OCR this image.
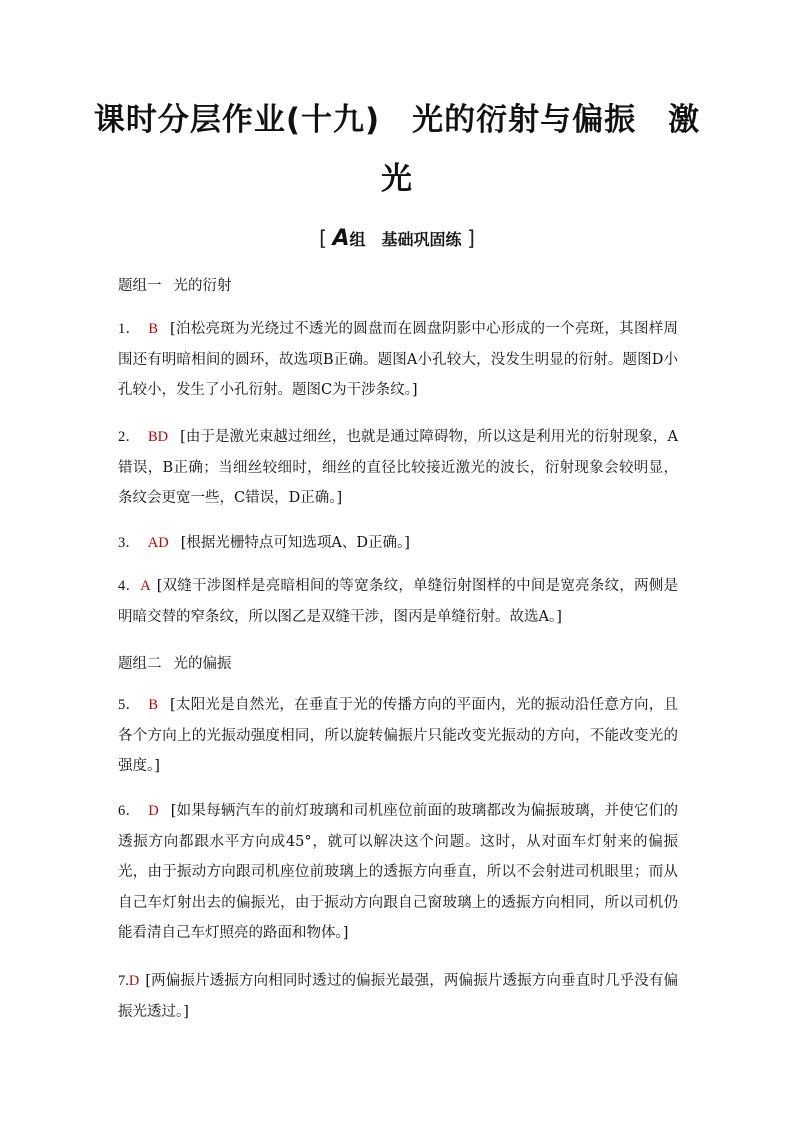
课时分层作业(十九)　光的衍射与偏振　激
光
[ A组　基础巩固练 ]
题组一 光的衍射
1． B [泊松亮斑为光绕过不透光的圆盘而在圆盘阴影中心形成的一个亮斑，其图样周围还有明暗相间的圆环，故选项B正确。题图A小孔较大，没发生明显的衍射。题图D小孔较小，发生了小孔衍射。题图C为干涉条纹。]
2． BD [由于是激光束越过细丝，也就是通过障碍物，所以这是利用光的衍射现象，A错误，B正确；当细丝较细时，细丝的直径比较接近激光的波长，衍射现象会较明显，条纹会更宽一些，C错误，D正确。]
3． AD [根据光栅特点可知选项A、D正确。]
4．A [双缝干涉图样是亮暗相间的等宽条纹，单缝衍射图样的中间是宽亮条纹，两侧是明暗交替的窄条纹，所以图乙是双缝干涉，图丙是单缝衍射。故选A。]
题组二 光的偏振
5． B [太阳光是自然光，在垂直于光的传播方向的平面内，光的振动沿任意方向，且各个方向上的光振动强度相同，所以旋转偏振片只能改变光振动的方向，不能改变光的强度。]
6． D [如果每辆汽车的前灯玻璃和司机座位前面的玻璃都改为偏振玻璃，并使它们的透振方向都跟水平方向成45°，就可以解决这个问题。这时，从对面车灯射来的偏振光，由于振动方向跟司机座位前玻璃上的透振方向垂直，所以不会射进司机眼里；而从自己车灯射出去的偏振光，由于振动方向跟自己窗玻璃上的透振方向相同，所以司机仍能看清自己车灯照亮的路面和物体。]
7.D [两偏振片透振方向相同时透过的偏振光最强，两偏振片透振方向垂直时几乎没有偏振光透过。]
